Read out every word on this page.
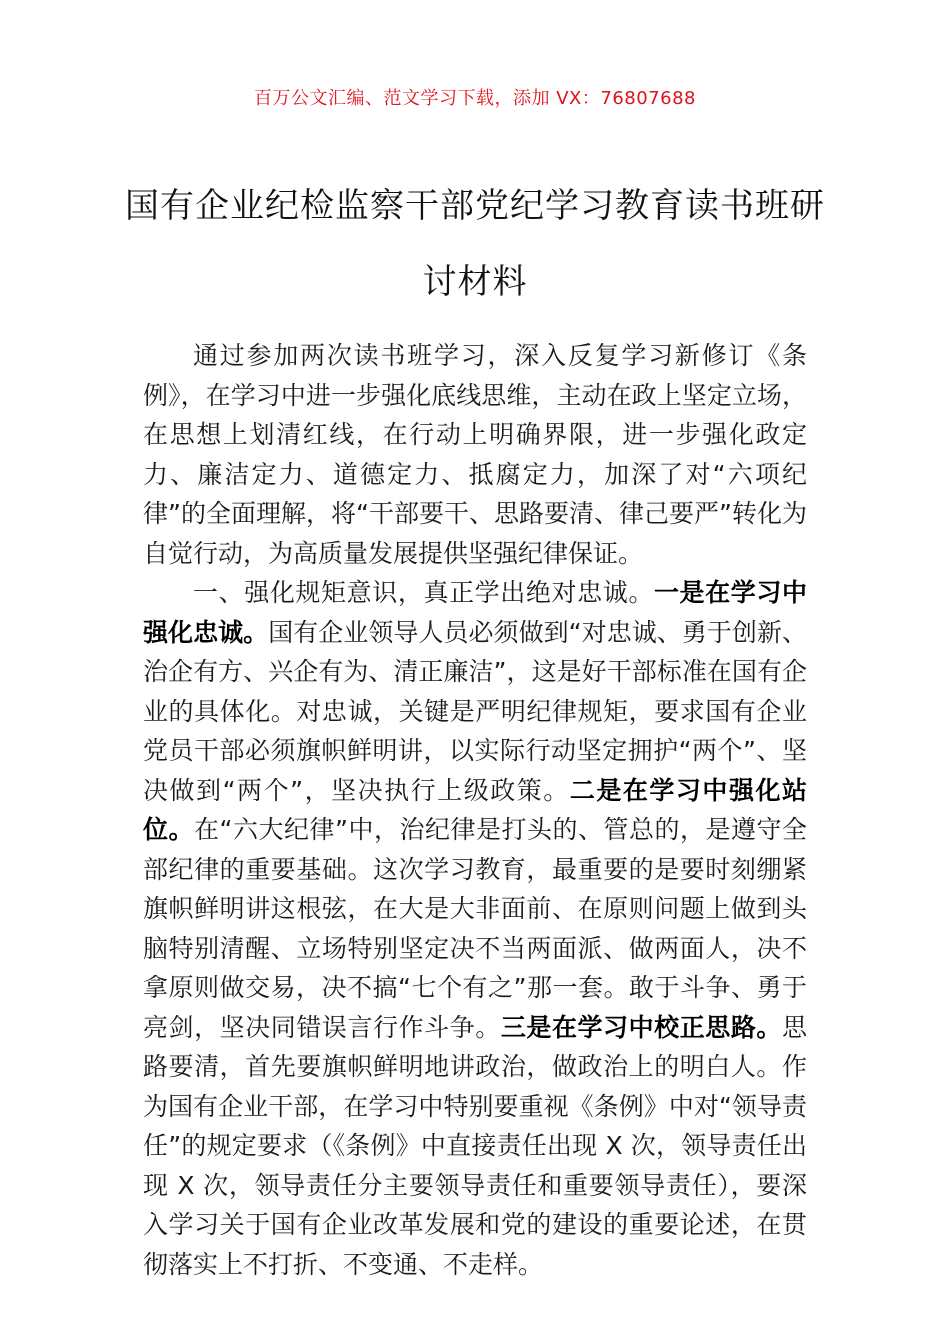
百万公文汇编、范文学习下载，添加 VX：76807688
国有企业纪检监察干部党纪学习教育读书班研讨材料

通过参加两次读书班学习，深入反复学习新修订《条例》，在学习中进一步强化底线思维，主动在政上坚定立场，在思想上划清红线，在行动上明确界限，进一步强化政定力、廉洁定力、道德定力、抵腐定力，加深了对“六项纪律”的全面理解，将“干部要干、思路要清、律己要严”转化为自觉行动，为高质量发展提供坚强纪律保证。

一、强化规矩意识，真正学出绝对忠诚。一是在学习中强化忠诚。国有企业领导人员必须做到“对忠诚、勇于创新、治企有方、兴企有为、清正廉洁”，这是好干部标准在国有企业的具体化。对忠诚，关键是严明纪律规矩，要求国有企业党员干部必须旗帜鲜明讲，以实际行动坚定拥护“两个”、坚决做到“两个”，坚决执行上级政策。二是在学习中强化站位。在“六大纪律”中，治纪律是打头的、管总的，是遵守全部纪律的重要基础。这次学习教育，最重要的是要时刻绷紧旗帜鲜明讲这根弦，在大是大非面前、在原则问题上做到头脑特别清醒、立场特别坚定决不当两面派、做两面人，决不拿原则做交易，决不搞“七个有之”那一套。敢于斗争、勇于亮剑，坚决同错误言行作斗争。三是在学习中校正思路。思路要清，首先要旗帜鲜明地讲政治，做政治上的明白人。作为国有企业干部，在学习中特别要重视《条例》中对“领导责任”的规定要求（《条例》中直接责任出现 X 次，领导责任出现 X 次，领导责任分主要领导责任和重要领导责任），要深入学习关于国有企业改革发展和党的建设的重要论述，在贯彻落实上不打折、不变通、不走样。
